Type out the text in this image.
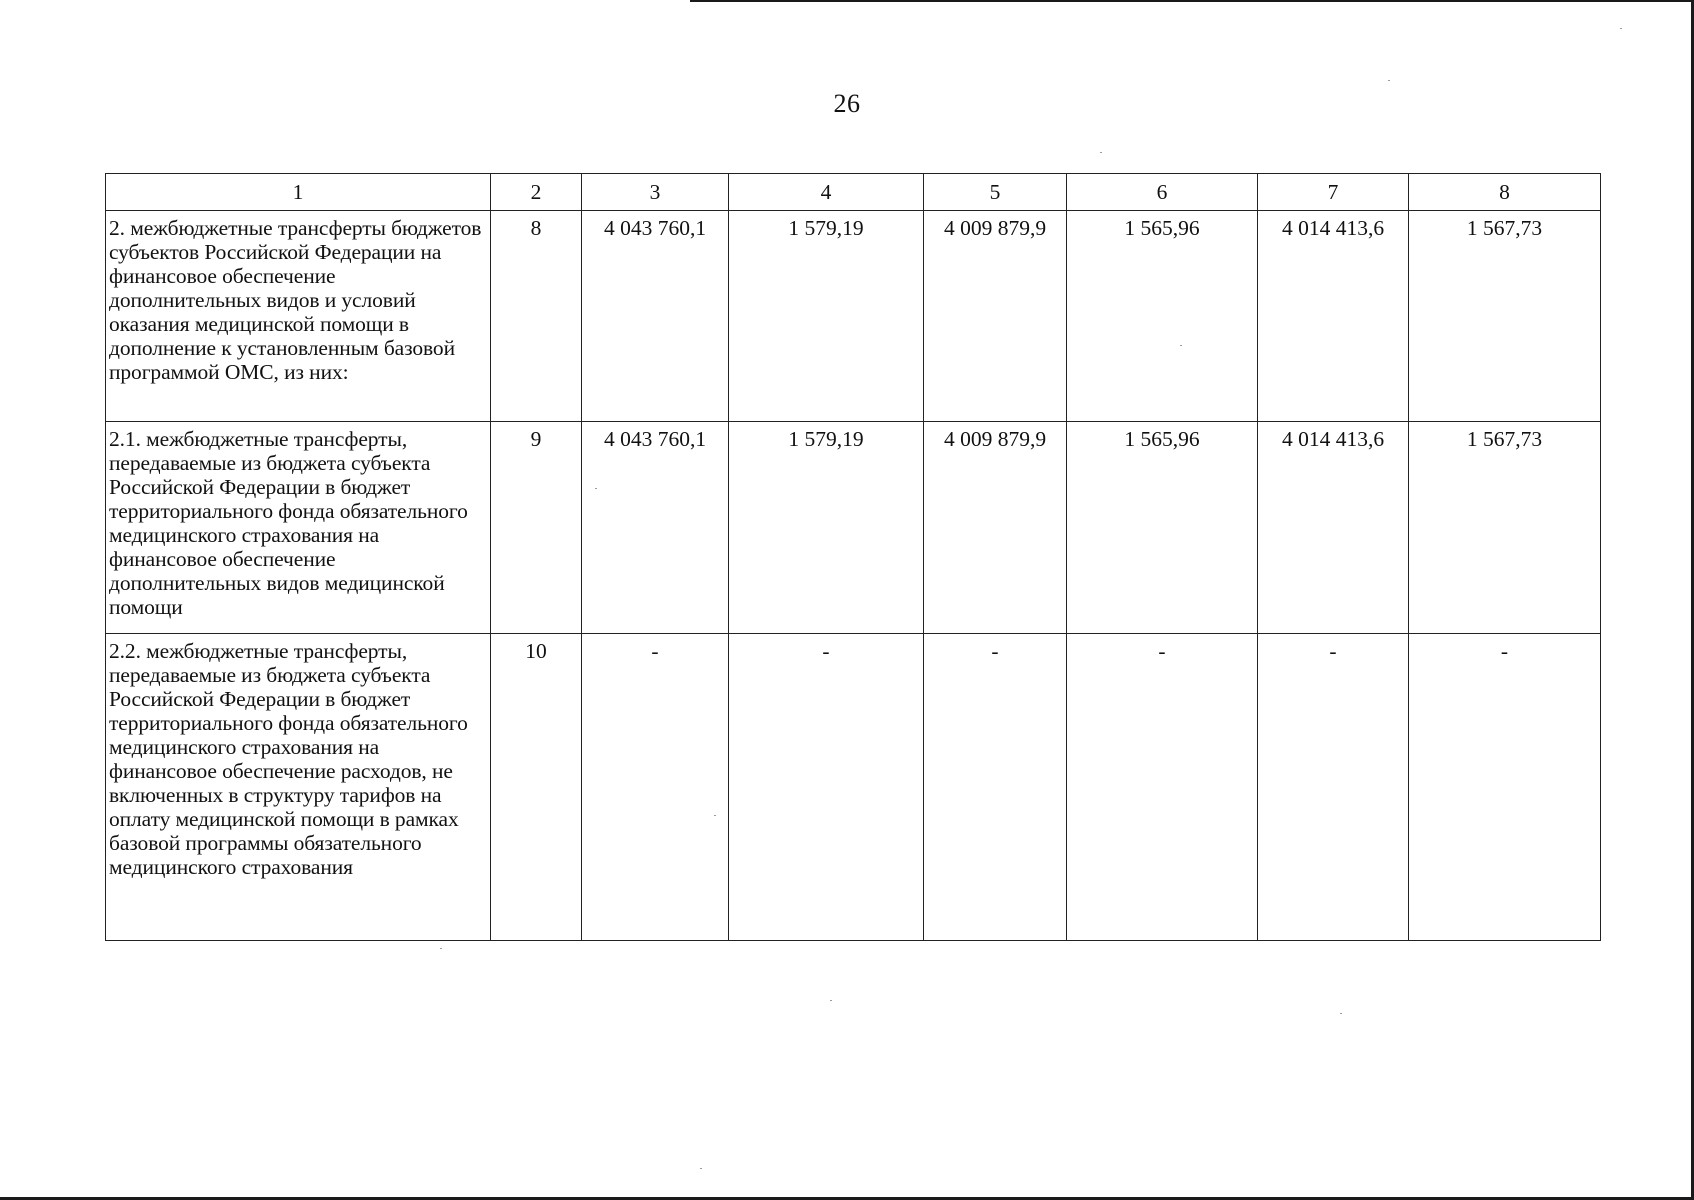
26
1	2	3	4	5	6	7	8
2. межбюджетные трансферты бюджетов субъектов Российской Федерации на финансовое обеспечение дополнительных видов и условий оказания медицинской помощи в дополнение к установленным базовой программой ОМС, из них:	8	4 043 760,1	1 579,19	4 009 879,9	1 565,96	4 014 413,6	1 567,73
2.1. межбюджетные трансферты, передаваемые из бюджета субъекта Российской Федерации в бюджет территориального фонда обязательного медицинского страхования на финансовое обеспечение дополнительных видов медицинской помощи	9	4 043 760,1	1 579,19	4 009 879,9	1 565,96	4 014 413,6	1 567,73
2.2. межбюджетные трансферты, передаваемые из бюджета субъекта Российской Федерации в бюджет территориального фонда обязательного медицинского страхования на финансовое обеспечение расходов, не включенных в структуру тарифов на оплату медицинской помощи в рамках базовой программы обязательного медицинского страхования	10	-	-	-	-	-	-
